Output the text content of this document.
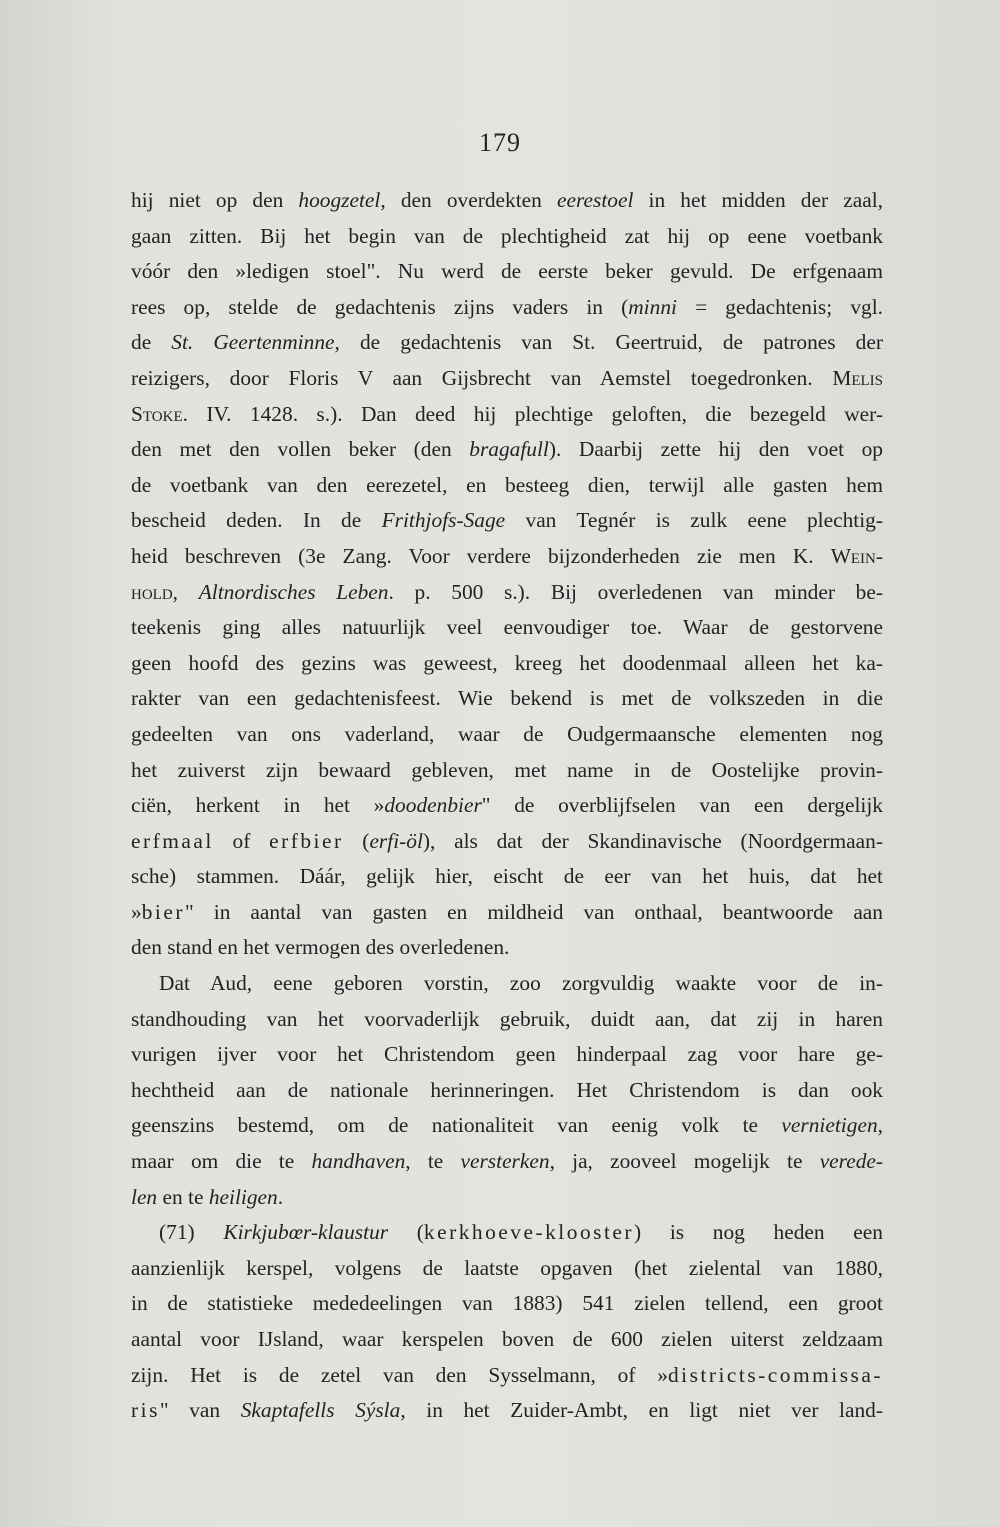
179
hij niet op den hoogzetel, den overdekten eerestoel in het midden der zaal,
gaan zitten. Bij het begin van de plechtigheid zat hij op eene voetbank
vóór den »ledigen stoel". Nu werd de eerste beker gevuld. De erfgenaam
rees op, stelde de gedachtenis zijns vaders in (minni = gedachtenis; vgl.
de St. Geertenminne, de gedachtenis van St. Geertruid, de patrones der
reizigers, door Floris V aan Gijsbrecht van Aemstel toegedronken. Melis
Stoke. IV. 1428. s.). Dan deed hij plechtige geloften, die bezegeld wer-
den met den vollen beker (den bragafull). Daarbij zette hij den voet op
de voetbank van den eerezetel, en besteeg dien, terwijl alle gasten hem
bescheid deden. In de Frithjofs-Sage van Tegnér is zulk eene plechtig-
heid beschreven (3e Zang. Voor verdere bijzonderheden zie men K. Wein-
hold, Altnordisches Leben. p. 500 s.). Bij overledenen van minder be-
teekenis ging alles natuurlijk veel eenvoudiger toe. Waar de gestorvene
geen hoofd des gezins was geweest, kreeg het doodenmaal alleen het ka-
rakter van een gedachtenisfeest. Wie bekend is met de volkszeden in die
gedeelten van ons vaderland, waar de Oudgermaansche elementen nog
het zuiverst zijn bewaard gebleven, met name in de Oostelijke provin-
ciën, herkent in het »doodenbier" de overblijfselen van een dergelijk
erfmaal of erfbier (erfi-öl), als dat der Skandinavische (Noordgermaan-
sche) stammen. Dáár, gelijk hier, eischt de eer van het huis, dat het
»bier" in aantal van gasten en mildheid van onthaal, beantwoorde aan
den stand en het vermogen des overledenen.
Dat Aud, eene geboren vorstin, zoo zorgvuldig waakte voor de in-
standhouding van het voorvaderlijk gebruik, duidt aan, dat zij in haren
vurigen ijver voor het Christendom geen hinderpaal zag voor hare ge-
hechtheid aan de nationale herinneringen. Het Christendom is dan ook
geenszins bestemd, om de nationaliteit van eenig volk te vernietigen,
maar om die te handhaven, te versterken, ja, zooveel mogelijk te verede-
len en te heiligen.
(71) Kirkjubœr-klaustur (kerkhoeve-klooster) is nog heden een
aanzienlijk kerspel, volgens de laatste opgaven (het zielental van 1880,
in de statistieke mededeelingen van 1883) 541 zielen tellend, een groot
aantal voor IJsland, waar kerspelen boven de 600 zielen uiterst zeldzaam
zijn. Het is de zetel van den Sysselmann, of »districts-commissa-
ris" van Skaptafells Sýsla, in het Zuider-Ambt, en ligt niet ver land-
